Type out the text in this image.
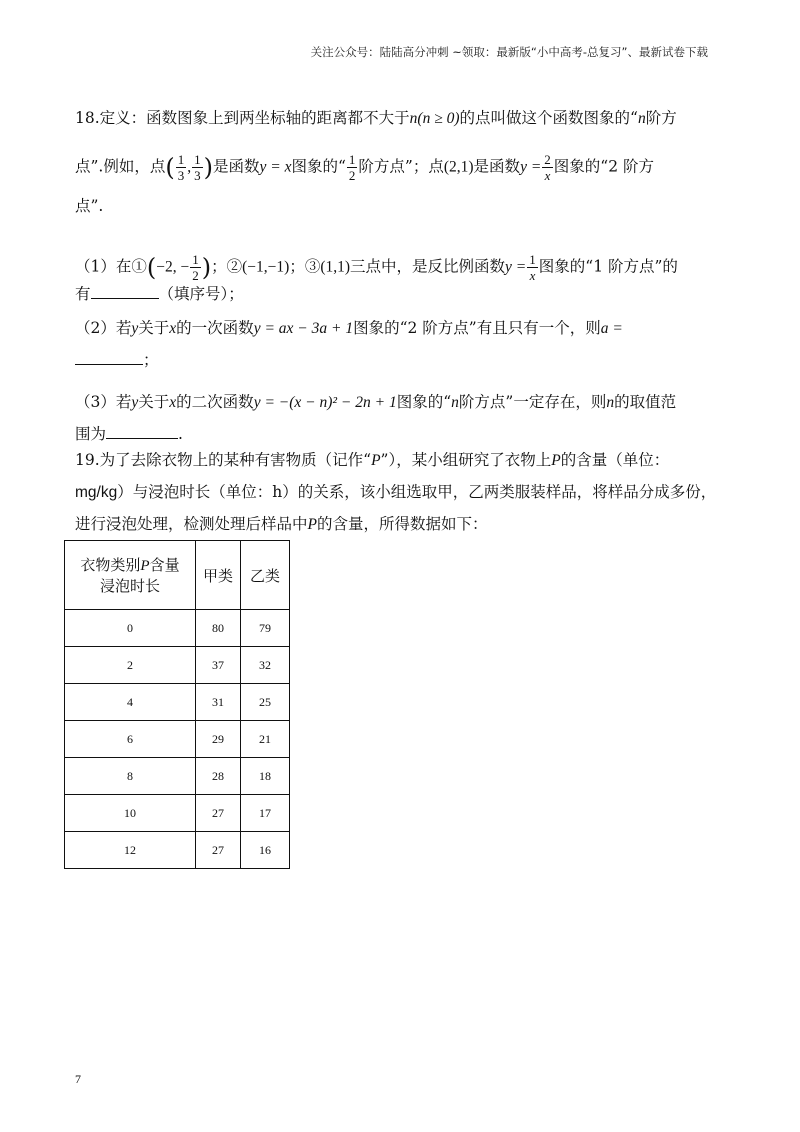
关注公众号：陆陆高分冲刺 ~领取：最新版“小中高考-总复习”、最新试卷下载
18.定义：函数图象上到两坐标轴的距离都不大于n(n ≥ 0)的点叫做这个函数图象的“n阶方
点”.例如，点( $\frac{1}{3}$ , $\frac{1}{3}$ )是函数y = x图象的“ $\frac{1}{2}$ 阶方点”；点(2,1)是函数$y = \frac{2}{x}$ 图象的“2 阶方
点”.
（1）在①(−2, − $\frac{1}{2}$ )；②(−1,−1)；③(1,1)三点中，是反比例函数$y = \frac{1}{x}$ 图象的“1 阶方点”的
有	（填序号）；
（2）若y关于x的一次函数y = ax − 3a + 1图象的“2 阶方点”有且只有一个，则a =
；
（3）若y关于x的二次函数y = −(x − n)² − 2n + 1图象的“n阶方点”一定存在，则n的取值范
围为	.
19.为了去除衣物上的某种有害物质（记作“P”），某小组研究了衣物上P的含量（单位：
mg/kg）与浸泡时长（单位：h）的关系，该小组选取甲，乙两类服装样品，将样品分成多份，
进行浸泡处理，检测处理后样品中P的含量，所得数据如下：
衣物类别P含量
浸泡时长	甲类	乙类
0	80	79
2	37	32
4	31	25
6	29	21
8	28	18
10	27	17
12	27	16
7
